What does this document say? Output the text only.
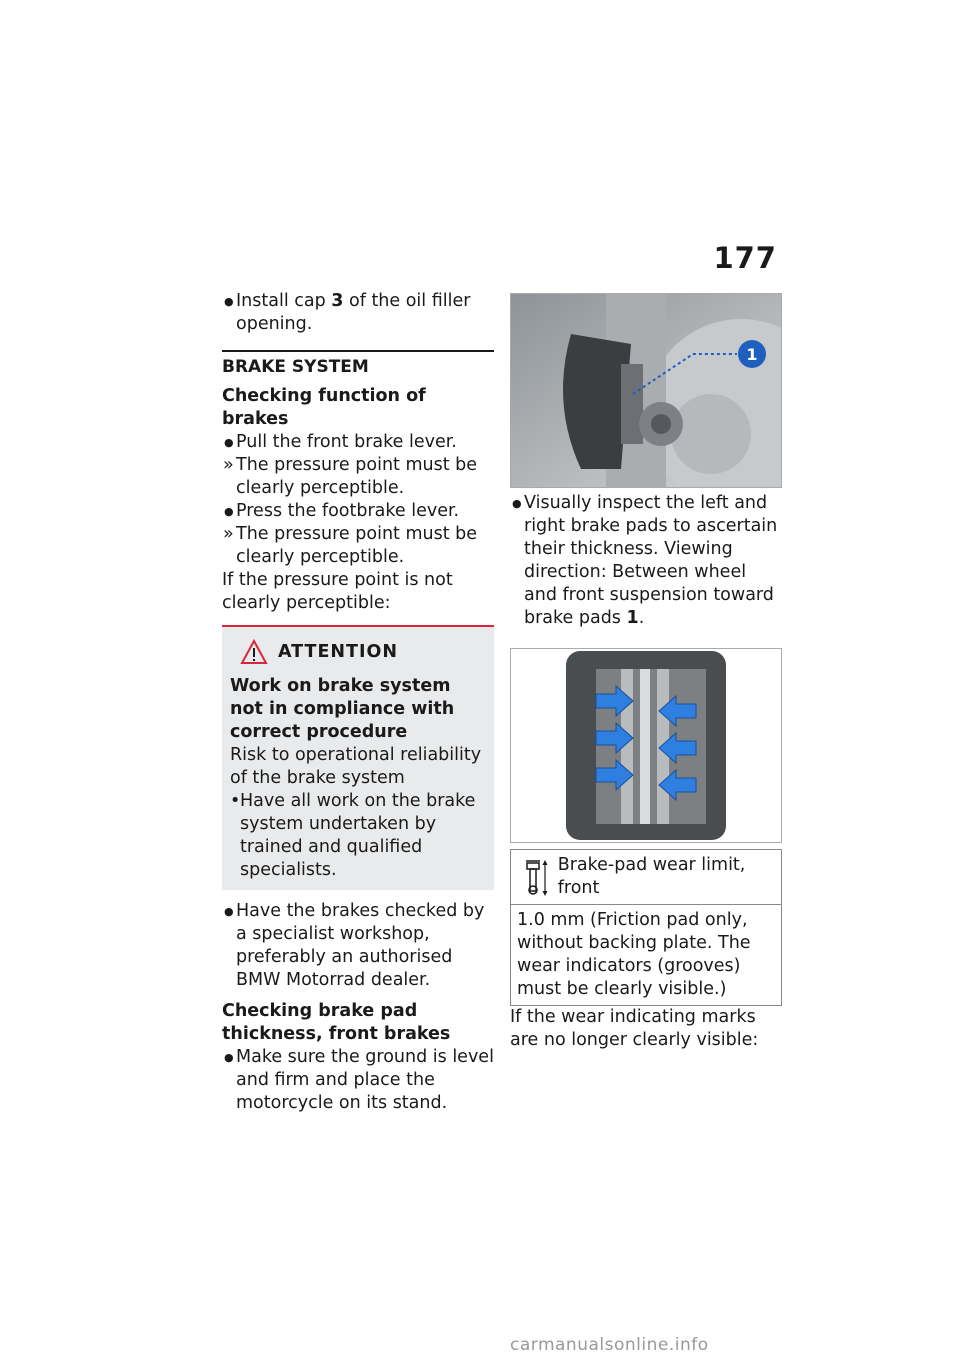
177
● Install cap 3 of the oil filler opening.
BRAKE SYSTEM
Checking function of brakes
● Pull the front brake lever.
» The pressure point must be clearly perceptible.
● Press the footbrake lever.
» The pressure point must be clearly perceptible.
If the pressure point is not clearly perceptible:
ATTENTION
Work on brake system not in compliance with correct procedure
Risk to operational reliability of the brake system
• Have all work on the brake system undertaken by trained and qualified specialists.
● Have the brakes checked by a specialist workshop, preferably an authorised BMW Motorrad dealer.
Checking brake pad thickness, front brakes
● Make sure the ground is level and firm and place the motorcycle on its stand.
1
● Visually inspect the left and right brake pads to ascertain their thickness. Viewing direction: Between wheel and front suspension toward brake pads 1.
Brake-pad wear limit, front
1.0 mm (Friction pad only, without backing plate. The wear indicators (grooves) must be clearly visible.)
If the wear indicating marks are no longer clearly visible:
carmanualsonline.info
